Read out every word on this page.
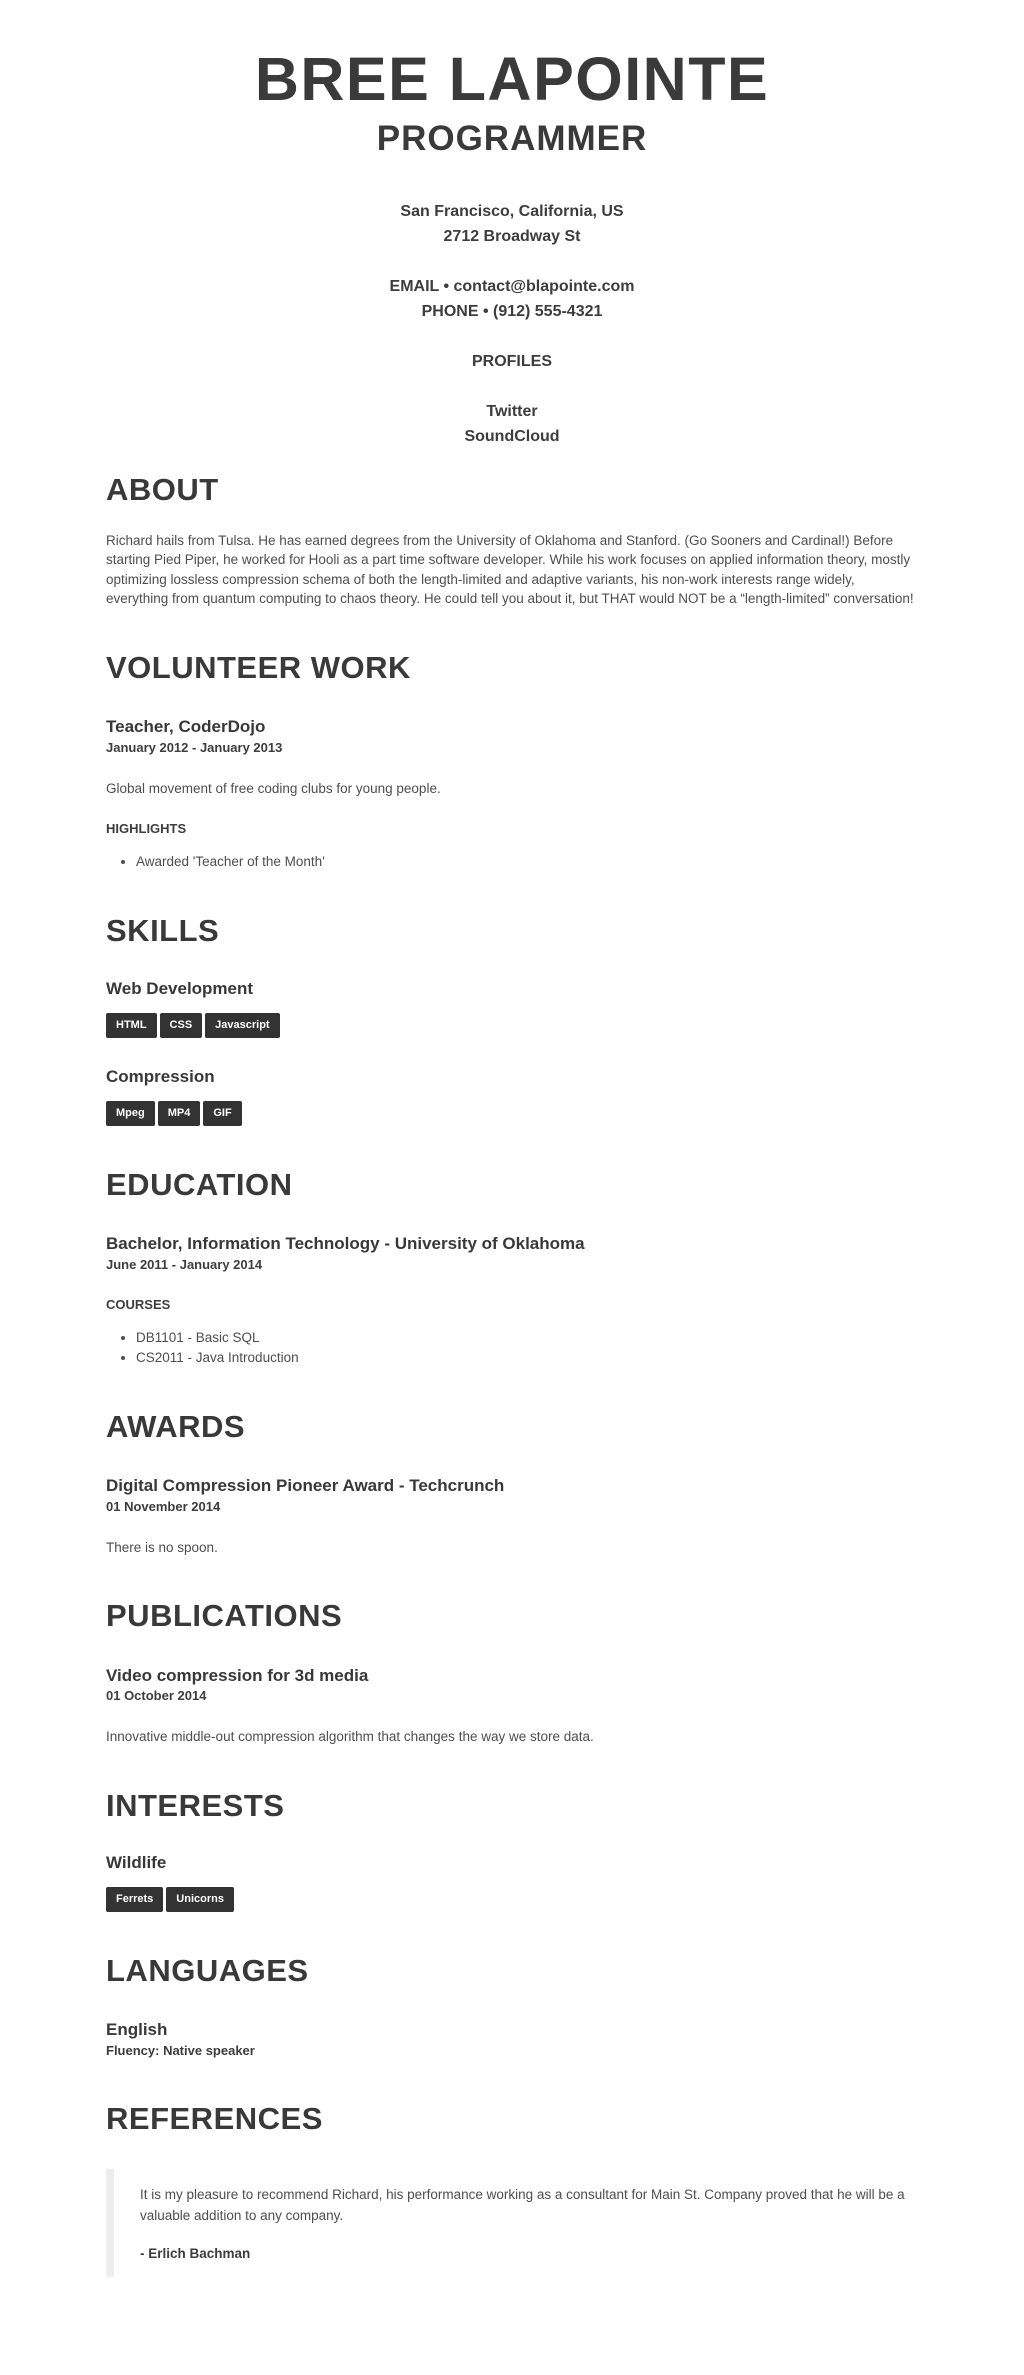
BREE LAPOINTE

PROGRAMMER

San Francisco, California, US
2712 Broadway St

EMAIL • contact@blapointe.com
PHONE • (912) 555-4321

PROFILES

Twitter
SoundCloud

ABOUT

Richard hails from Tulsa. He has earned degrees from the University of Oklahoma and Stanford. (Go Sooners and Cardinal!) Before starting Pied Piper, he worked for Hooli as a part time software developer. While his work focuses on applied information theory, mostly optimizing lossless compression schema of both the length-limited and adaptive variants, his non-work interests range widely, everything from quantum computing to chaos theory. He could tell you about it, but THAT would NOT be a “length-limited” conversation!

VOLUNTEER WORK
Teacher, CoderDojo

January 2012 - January 2013

Global movement of free coding clubs for young people.

HIGHLIGHTS

• Awarded 'Teacher of the Month'
SKILLS
Web Development
HTML CSS Javascript
Compression
Mpeg MP4 GIF
EDUCATION
Bachelor, Information Technology - University of Oklahoma

June 2011 - January 2014

COURSES

• DB1101 - Basic SQL
• CS2011 - Java Introduction
AWARDS
Digital Compression Pioneer Award - Techcrunch

01 November 2014

There is no spoon.

PUBLICATIONS
Video compression for 3d media

01 October 2014

Innovative middle-out compression algorithm that changes the way we store data.

INTERESTS
Wildlife
Ferrets Unicorns
LANGUAGES
English

Fluency: Native speaker

REFERENCES

It is my pleasure to recommend Richard, his performance working as a consultant for Main St. Company proved that he will be a valuable addition to any company.

- Erlich Bachman
